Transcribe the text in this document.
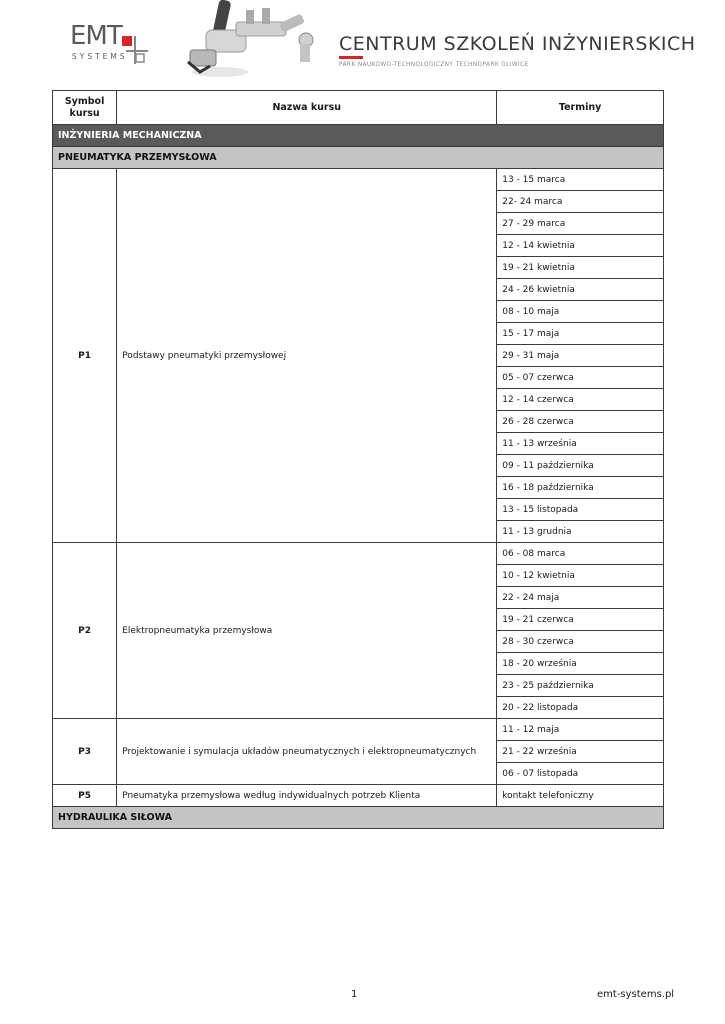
EMT
SYSTEMS
CENTRUM SZKOLEŃ INŻYNIERSKICH
PARK NAUKOWO-TECHNOLOGICZNY TECHNOPARK GLIWICE
Symbol kursu	Nazwa kursu	Terminy
INŻYNIERIA MECHANICZNA		
PNEUMATYKA PRZEMYSŁOWA		
P1	Podstawy pneumatyki przemysłowej	13 - 15 marca
		22- 24 marca
		27 - 29 marca
		12 - 14 kwietnia
		19 - 21 kwietnia
		24 - 26 kwietnia
		08 - 10 maja
		15 - 17 maja
		29 - 31 maja
		05 - 07 czerwca
		12 - 14 czerwca
		26 - 28 czerwca
		11 - 13 września
		09 - 11 października
		16 - 18 października
		13 - 15 listopada
		11 - 13 grudnia
P2	Elektropneumatyka przemysłowa	06 - 08 marca
		10 - 12 kwietnia
		22 - 24 maja
		19 - 21 czerwca
		28 - 30 czerwca
		18 - 20 września
		23 - 25 października
		20 - 22 listopada
P3	Projektowanie i symulacja układów pneumatycznych i elektropneumatycznych	11 - 12 maja
		21 - 22 września
		06 - 07 listopada
P5	Pneumatyka przemysłowa według indywidualnych potrzeb Klienta	kontakt telefoniczny
HYDRAULIKA SIŁOWA		
1	emt-systems.pl
